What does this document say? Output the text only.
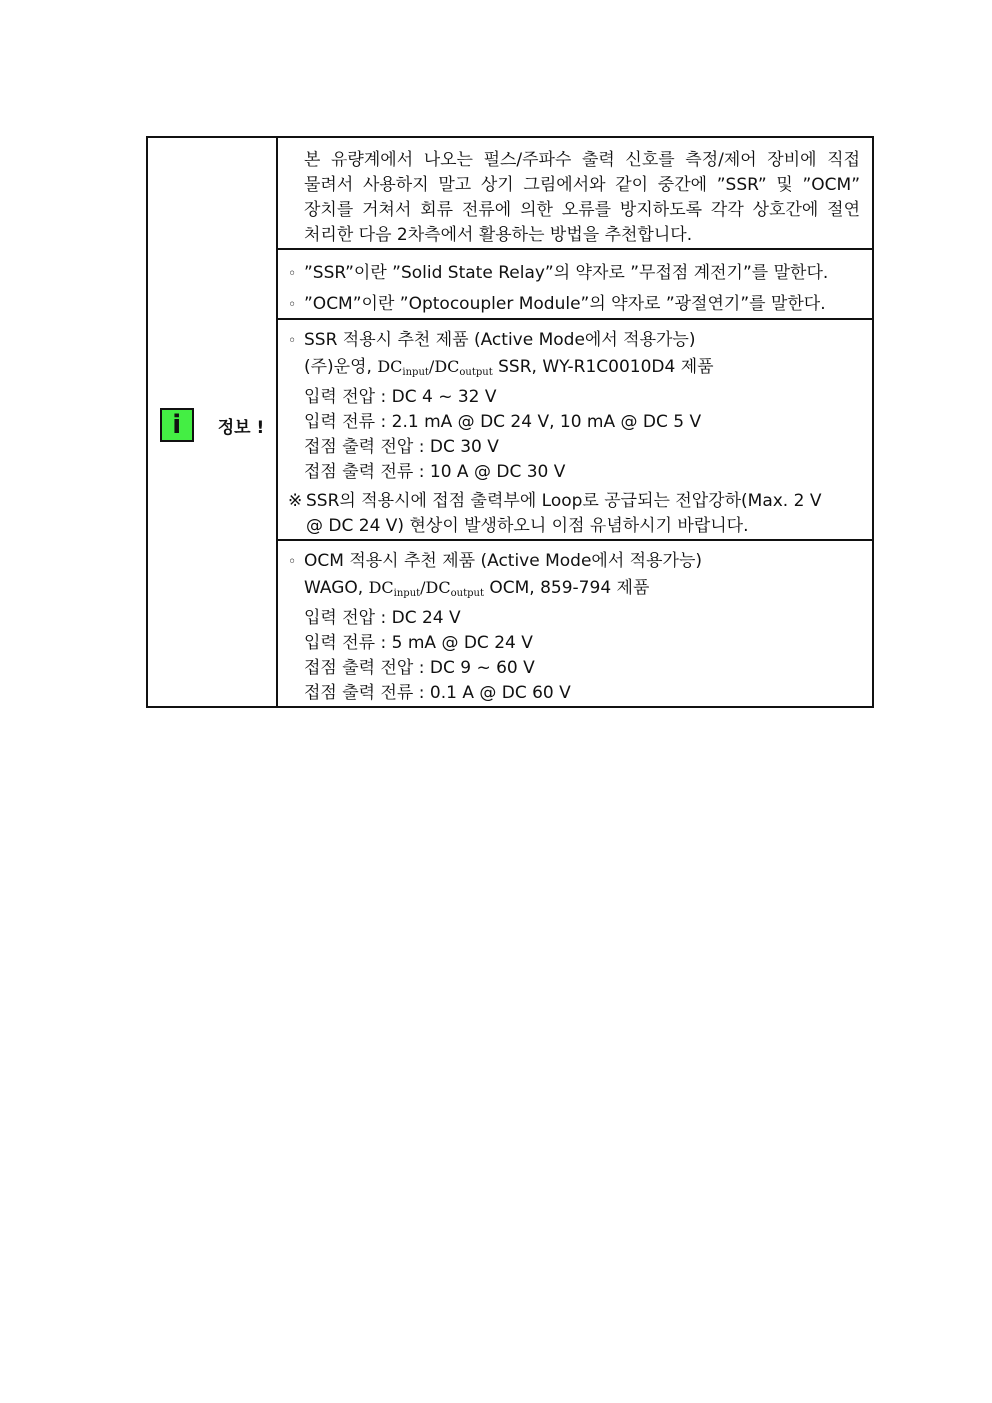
i	정보 !
본 유량계에서 나오는 펄스/주파수 출력 신호를 측정/제어 장비에 직접
물려서 사용하지 말고 상기 그림에서와 같이 중간에 ”SSR” 및 ”OCM”
장치를 거쳐서 회류 전류에 의한 오류를 방지하도록 각각 상호간에 절연
처리한 다음 2차측에서 활용하는 방법을 추천합니다.
◦ ”SSR”이란 ”Solid State Relay”의 약자로 ”무접점 계전기”를 말한다.
◦ ”OCM”이란 ”Optocoupler Module”의 약자로 ”광절연기”를 말한다.
◦ SSR 적용시 추천 제품 (Active Mode에서 적용가능)
(주)운영, $DC_{input}/DC_{output}$ SSR, WY-R1C0010D4 제품
입력 전압 : DC 4 ~ 32 V
입력 전류 : 2.1 mA @ DC 24 V, 10 mA @ DC 5 V
접점 출력 전압 : DC 30 V
접점 출력 전류 : 10 A @ DC 30 V
※ SSR의 적용시에 접점 출력부에 Loop로 공급되는 전압강하(Max. 2 V
@ DC 24 V) 현상이 발생하오니 이점 유념하시기 바랍니다.
◦ OCM 적용시 추천 제품 (Active Mode에서 적용가능)
WAGO, $DC_{input}/DC_{output}$ OCM, 859-794 제품
입력 전압 : DC 24 V
입력 전류 : 5 mA @ DC 24 V
접점 출력 전압 : DC 9 ~ 60 V
접점 출력 전류 : 0.1 A @ DC 60 V
